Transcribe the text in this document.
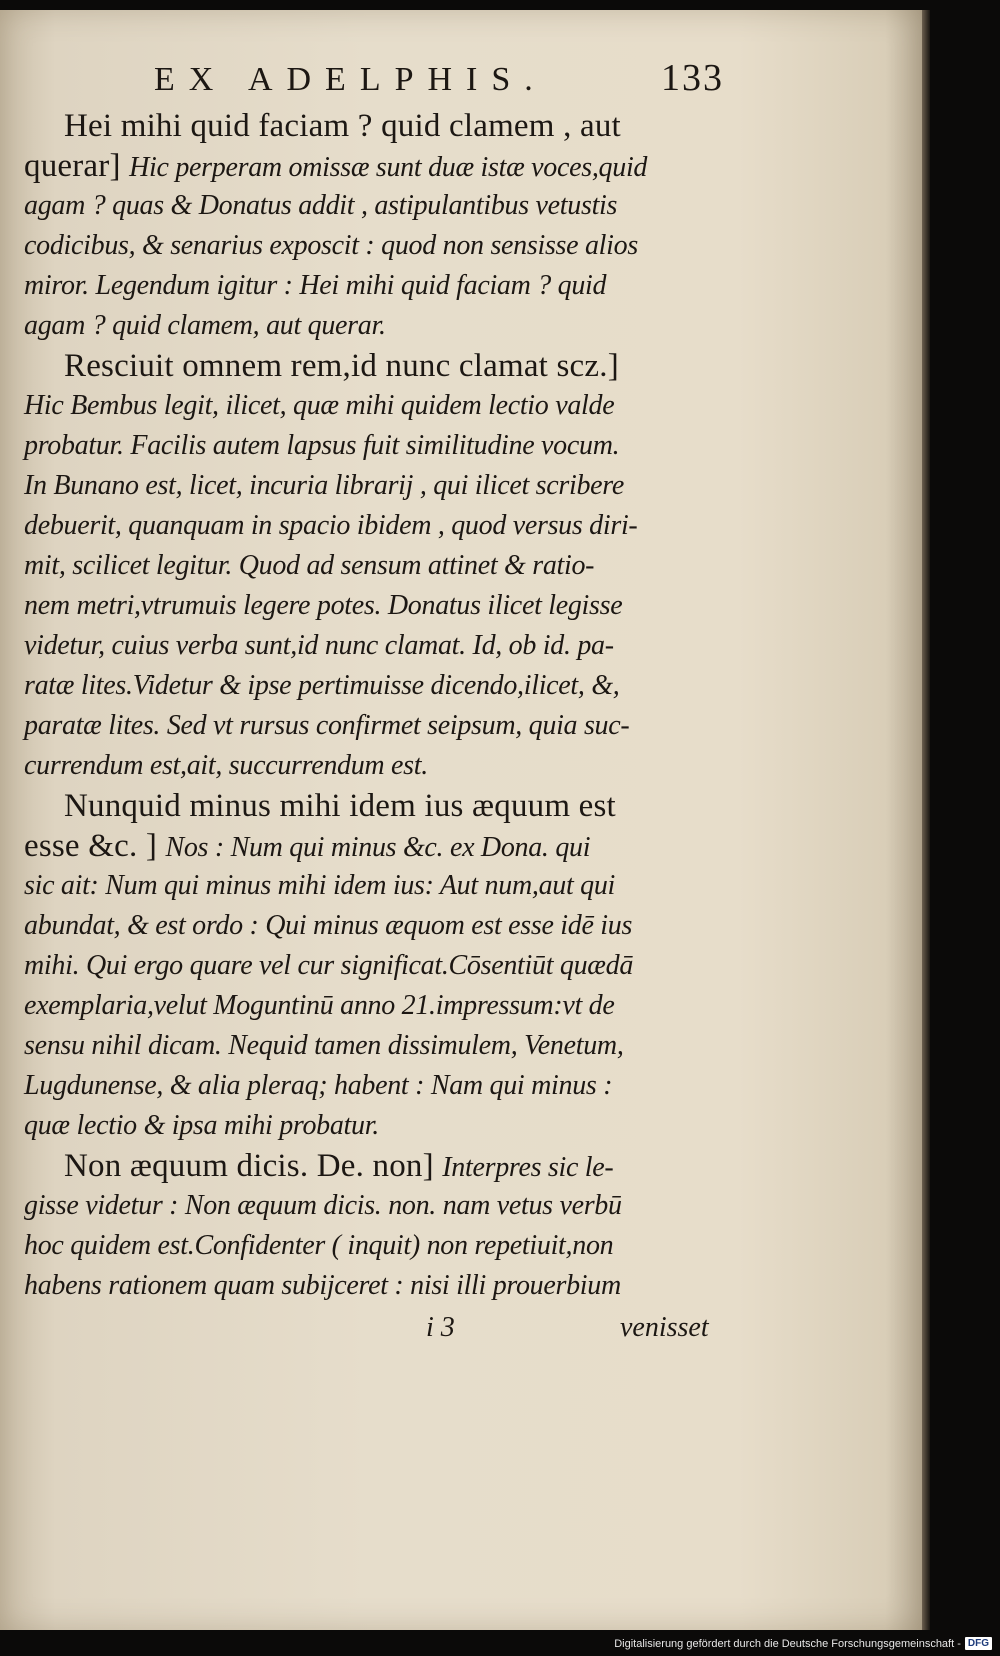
EX ADELPHIS.	133
Hei mihi quid faciam ? quid clamem , aut
querar] Hic perperam omissæ sunt duæ istæ voces,quid
agam ? quas & Donatus addit , astipulantibus vetustis
codicibus, & senarius exposcit : quod non sensisse alios
miror. Legendum igitur : Hei mihi quid faciam ? quid
agam ? quid clamem, aut querar.
Resciuit omnem rem,id nunc clamat scz.]
Hic Bembus legit, ilicet, quæ mihi quidem lectio valde
probatur. Facilis autem lapsus fuit similitudine vocum.
In Bunano est, licet, incuria librarij , qui ilicet scribere
debuerit, quanquam in spacio ibidem , quod versus diri-
mit, scilicet legitur. Quod ad sensum attinet & ratio-
nem metri,vtrumuis legere potes. Donatus ilicet legisse
videtur, cuius verba sunt,id nunc clamat. Id, ob id. pa-
ratæ lites.Videtur & ipse pertimuisse dicendo,ilicet, &,
paratæ lites. Sed vt rursus confirmet seipsum, quia suc-
currendum est,ait, succurrendum est.
Nunquid minus mihi idem ius æquum est
esse &c. ] Nos : Num qui minus &c. ex Dona. qui
sic ait: Num qui minus mihi idem ius: Aut num,aut qui
abundat, & est ordo : Qui minus æquom est esse idē ius
mihi. Qui ergo quare vel cur significat.Cōsentiūt quædā
exemplaria,velut Moguntinū anno 21.impressum:vt de
sensu nihil dicam. Nequid tamen dissimulem, Venetum,
Lugdunense, & alia pleraq; habent : Nam qui minus :
quæ lectio & ipsa mihi probatur.
Non æquum dicis. De. non] Interpres sic le-
gisse videtur : Non æquum dicis. non. nam vetus verbū
hoc quidem est.Confidenter ( inquit) non repetiuit,non
habens rationem quam subijceret : nisi illi prouerbium
i 3	venisset
Digitalisierung gefördert durch die Deutsche Forschungsgemeinschaft - DFG
